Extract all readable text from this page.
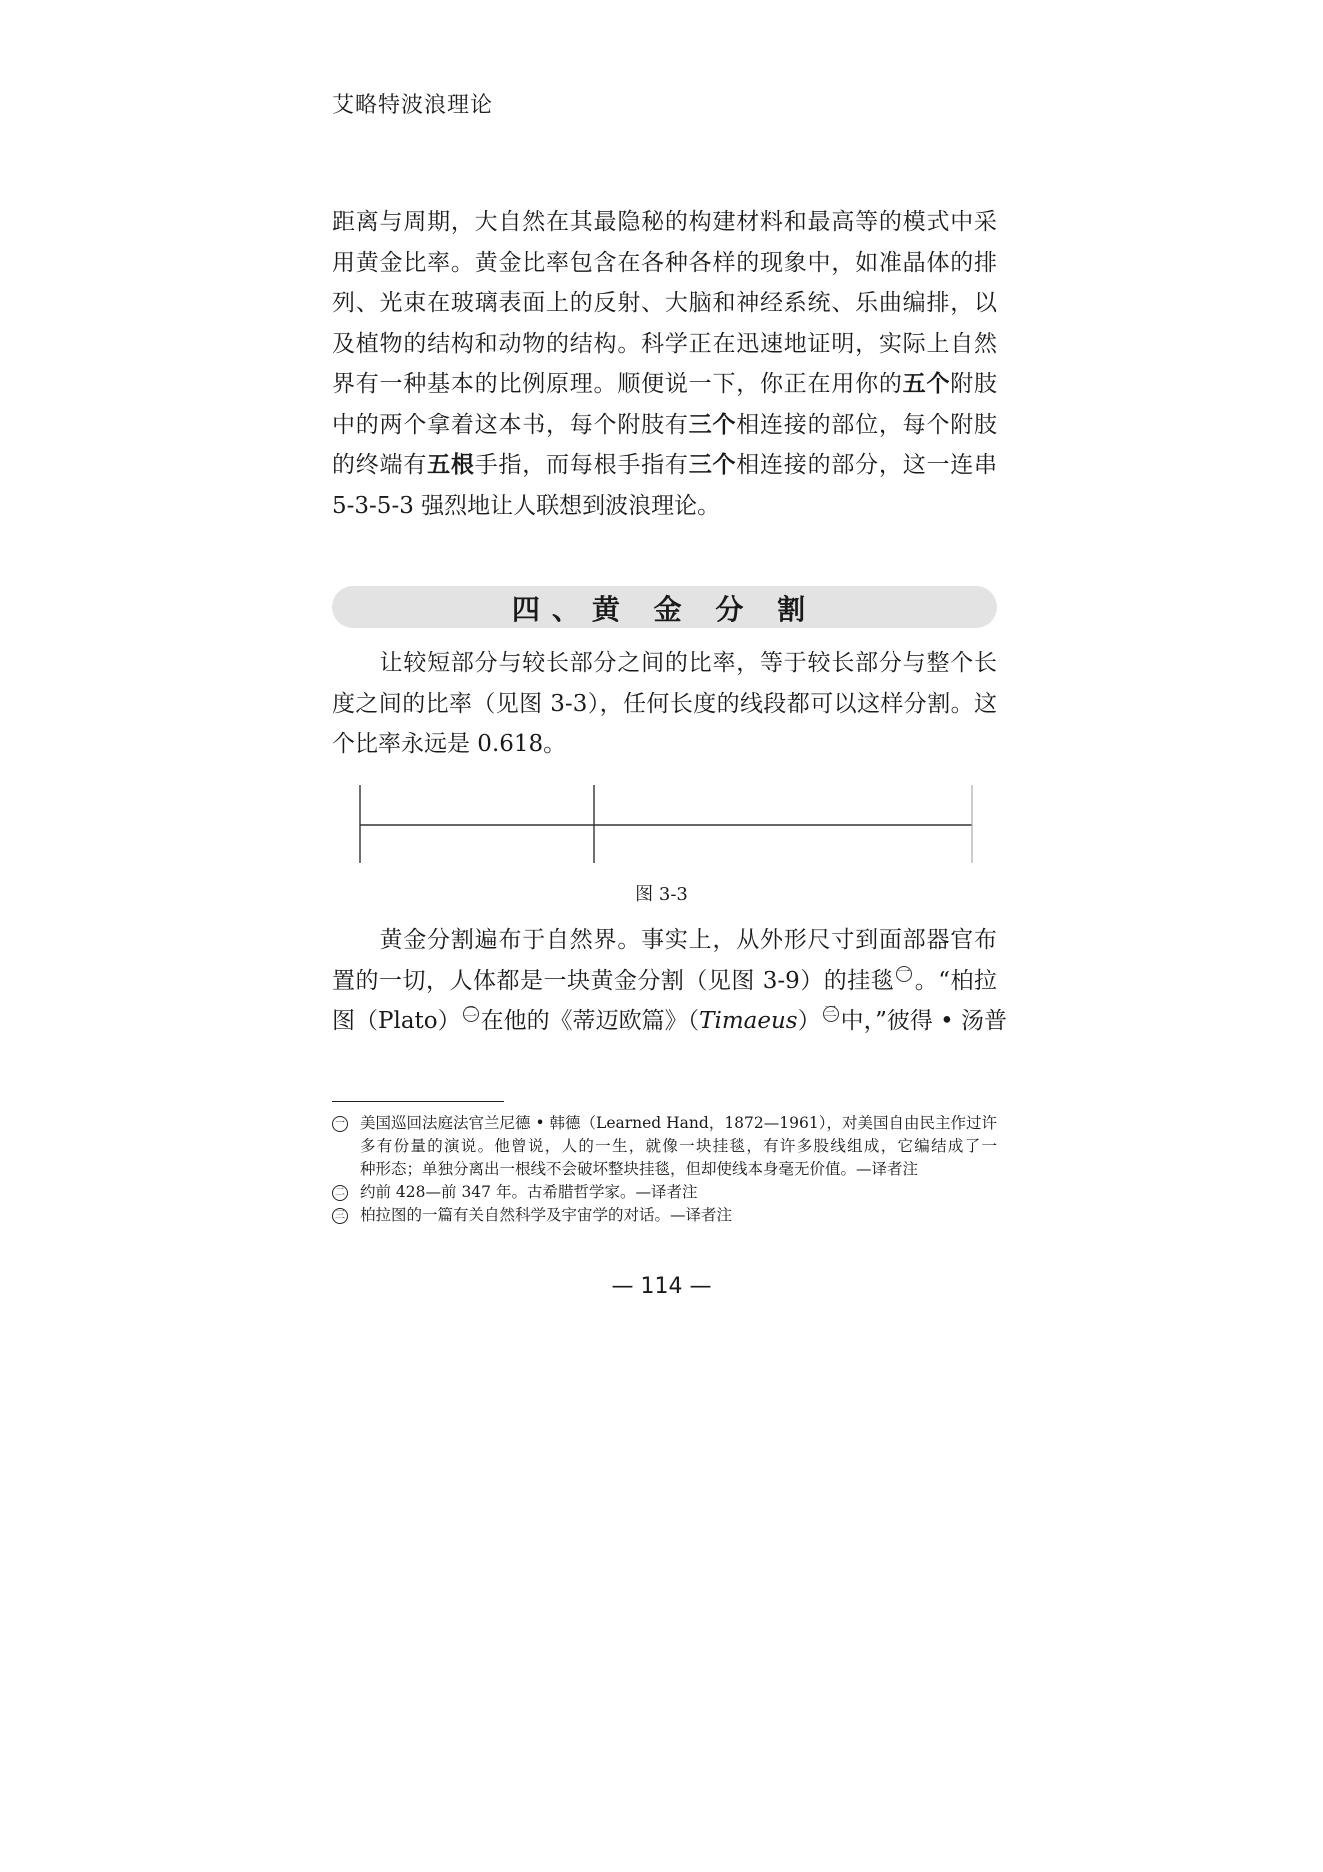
艾略特波浪理论
距离与周期，大自然在其最隐秘的构建材料和最高等的模式中采
用黄金比率。黄金比率包含在各种各样的现象中，如准晶体的排
列、光束在玻璃表面上的反射、大脑和神经系统、乐曲编排，以
及植物的结构和动物的结构。科学正在迅速地证明，实际上自然
界有一种基本的比例原理。顺便说一下，你正在用你的五个附肢
中的两个拿着这本书，每个附肢有三个相连接的部位，每个附肢
的终端有五根手指，而每根手指有三个相连接的部分，这一连串
5-3-5-3 强烈地让人联想到波浪理论。
四、黄 金 分 割
　　让较短部分与较长部分之间的比率，等于较长部分与整个长
度之间的比率（见图 3-3），任何长度的线段都可以这样分割。这
个比率永远是 0.618。
图 3-3
　　黄金分割遍布于自然界。事实上，从外形尺寸到面部器官布
置的一切，人体都是一块黄金分割（见图 3-9）的挂毯 一 。“柏拉
图（Plato） 二 在他的《蒂迈欧篇》（Timaeus） 三 中，”彼得 • 汤普
一 美国巡回法庭法官兰尼德 • 韩德（Learned Hand，1872—1961），对美国自由民主作过许
多有份量的演说。他曾说，人的一生，就像一块挂毯，有许多股线组成，它编结成了一
种形态；单独分离出一根线不会破坏整块挂毯，但却使线本身毫无价值。—译者注
二 约前 428—前 347 年。古希腊哲学家。—译者注
三 柏拉图的一篇有关自然科学及宇宙学的对话。—译者注
— 114 —
